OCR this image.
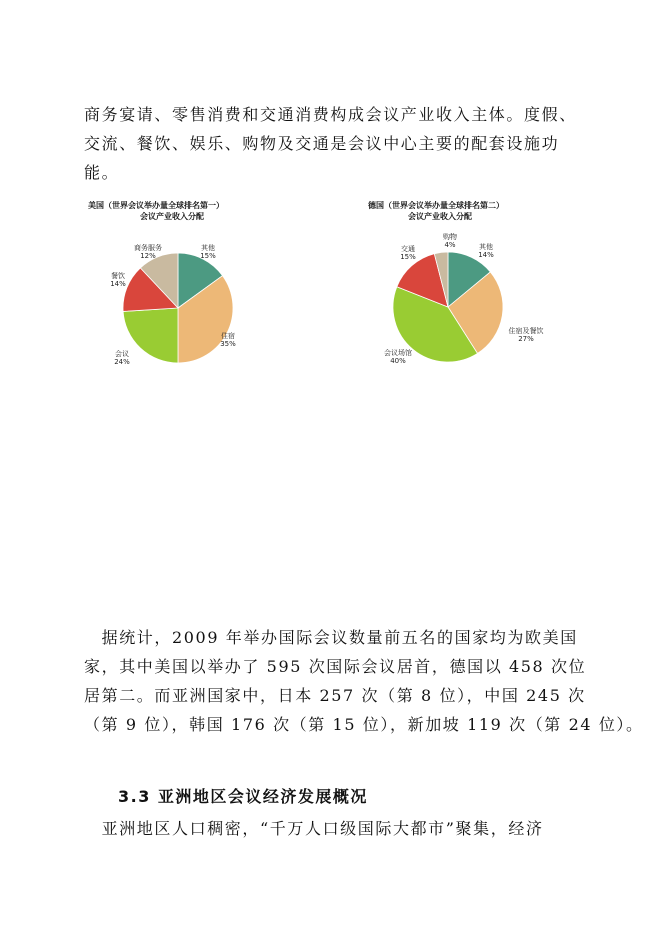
商务宴请、零售消费和交通消费构成会议产业收入主体。度假、
交流、餐饮、娱乐、购物及交通是会议中心主要的配套设施功
能。
美国（世界会议举办量全球排名第一）
会议产业收入分配
其他
15%
住宿
35%
会议
24%
餐饮
14%
商务服务
12%
德国（世界会议举办量全球排名第二）
会议产业收入分配
其他
14%
住宿及餐饮
27%
会议场馆
40%
交通
15%
购物
4%
　据统计，2009 年举办国际会议数量前五名的国家均为欧美国
家，其中美国以举办了 595 次国际会议居首，德国以 458 次位
居第二。而亚洲国家中，日本 257 次（第 8 位），中国 245 次
（第 9 位），韩国 176 次（第 15 位），新加坡 119 次（第 24 位）。
3.3 亚洲地区会议经济发展概况
　亚洲地区人口稠密，“千万人口级国际大都市”聚集，经济
